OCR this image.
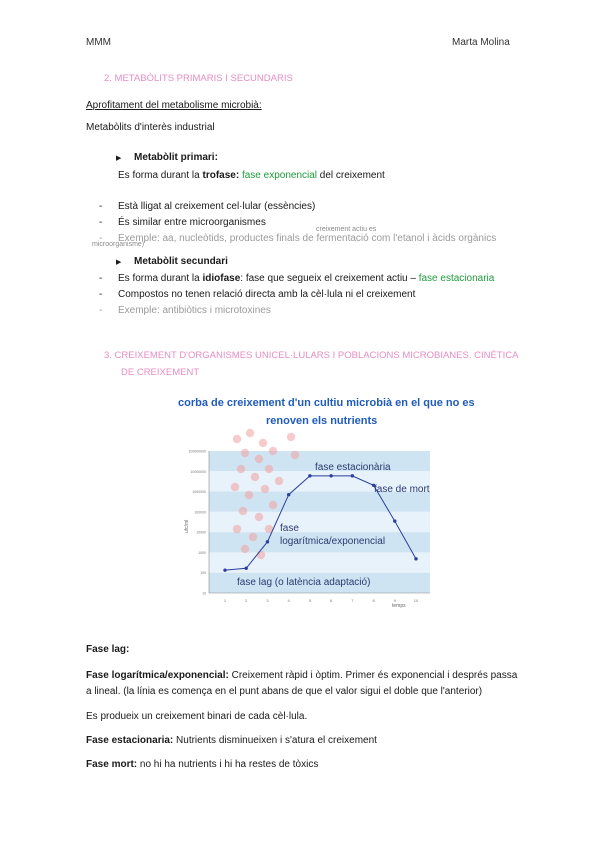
MMM	Marta Molina
2. METABÒLITS PRIMARIS I SECUNDARIS
Aprofitament del metabolisme microbià:
Metabòlits d'interès industrial
▶ Metabòlit primari:
Es forma durant la trofase: fase exponencial del creixement
- Està lligat al creixement cel·lular (essències)
- És similar entre microorganismes
creixement actiu es
- Exemple: aa, nucleòtids, productes finals de fermentació com l'etanol i àcids orgànics
microorganisme)
▶ Metabòlit secundari
- Es forma durant la idiofase: fase que segueix el creixement actiu – fase estacionaria
- Compostos no tenen relació directa amb la cèl·lula ni el creixement
- Exemple: antibiòtics i microtoxines
3. CREIXEMENT D'ORGANISMES UNICEL·LULARS I POBLACIONS MICROBIANES. CINÈTICA
DE CREIXEMENT
corba de creixement d'un cultiu microbià en el que no es
renoven els nutrients
10
100
1000
10000
100000
1000000
10000000
100000000
1	2	3	4	5	6	7	8	9	10
ufc/ml
temps
fase estacionària
fase de mort
fase
logarítmica/exponencial
fase lag (o latència adaptació)
Fase lag:
Fase logarítmica/exponencial: Creixement ràpid i òptim. Primer és exponencial i després passa
a lineal. (la línia es comença en el punt abans de que el valor sigui el doble que l'anterior)
Es produeix un creixement binari de cada cèl·lula.
Fase estacionaria: Nutrients disminueixen i s'atura el creixement
Fase mort: no hi ha nutrients i hi ha restes de tòxics
